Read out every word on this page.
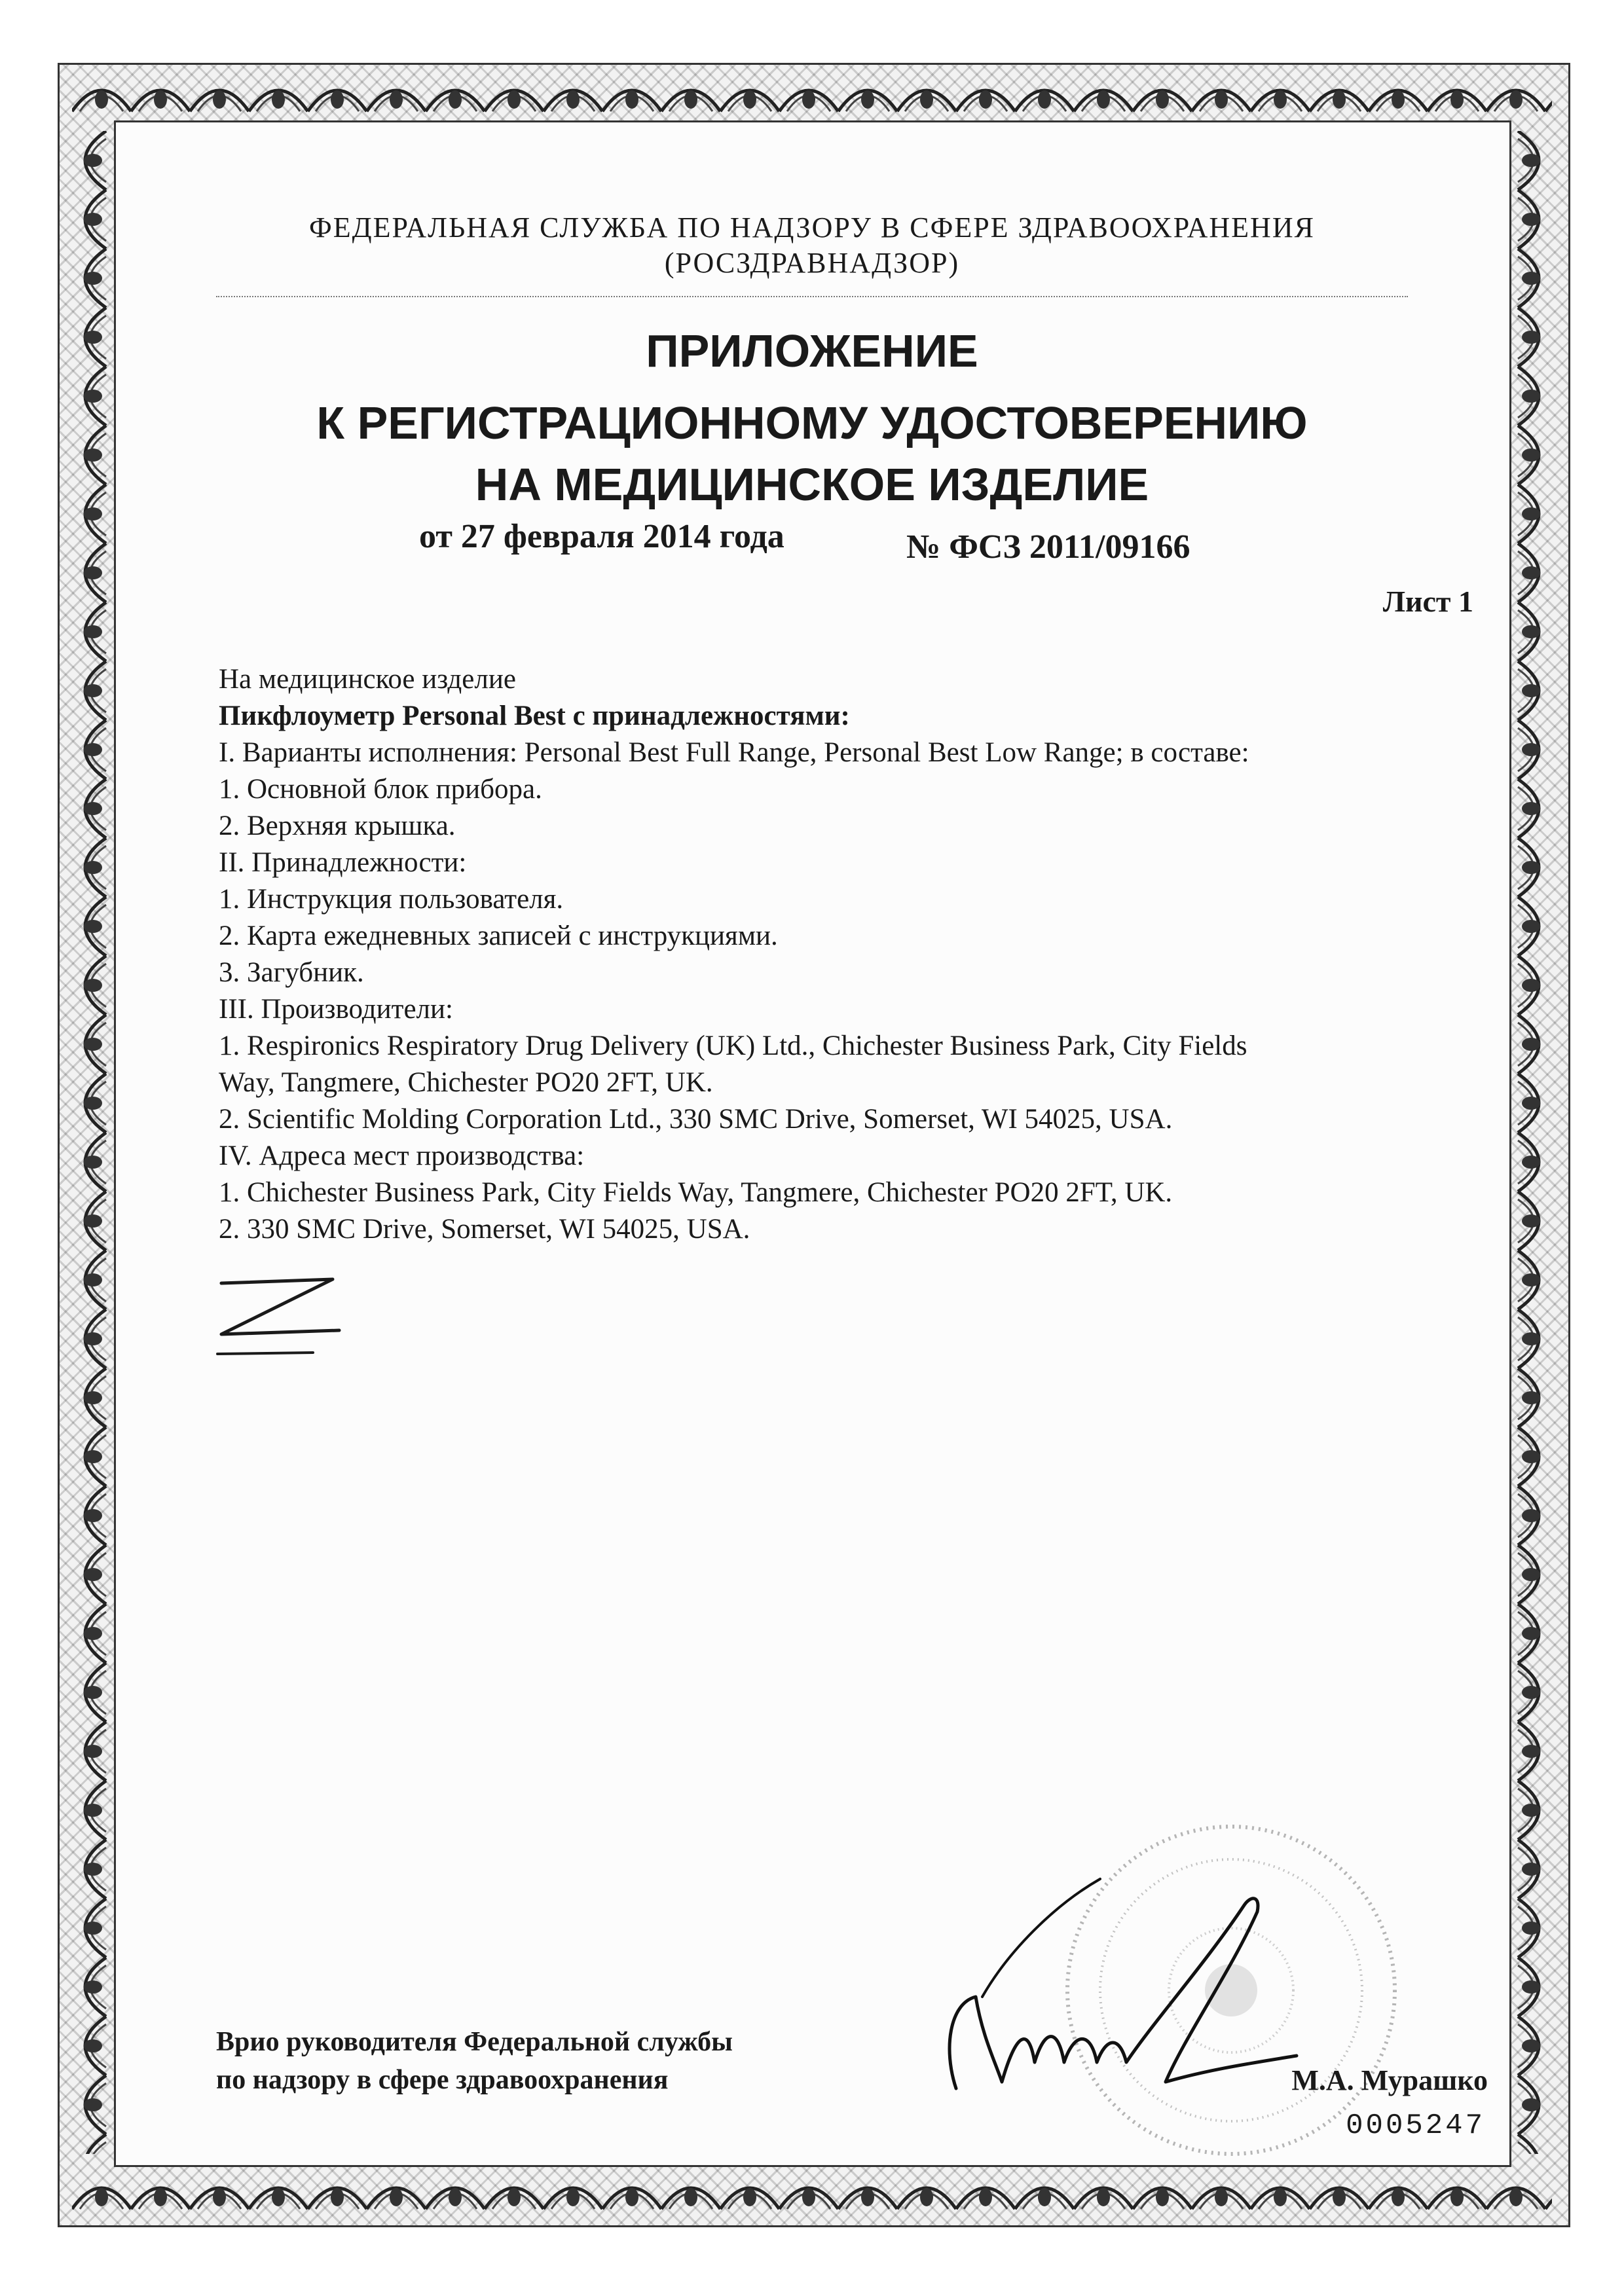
ФЕДЕРАЛЬНАЯ СЛУЖБА ПО НАДЗОРУ В СФЕРЕ ЗДРАВООХРАНЕНИЯ
(РОСЗДРАВНАДЗОР)
ПРИЛОЖЕНИЕ
К РЕГИСТРАЦИОННОМУ УДОСТОВЕРЕНИЮ
НА МЕДИЦИНСКОЕ ИЗДЕЛИЕ
от 27 февраля 2014 года	№ ФСЗ 2011/09166
Лист 1
На медицинское изделие
Пикфлоуметр Personal Best с принадлежностями:
I. Варианты исполнения: Personal Best Full Range, Personal Best Low Range; в составе:
1. Основной блок прибора.
2. Верхняя крышка.
II. Принадлежности:
1. Инструкция пользователя.
2. Карта ежедневных записей с инструкциями.
3. Загубник.
III. Производители:
1. Respironics Respiratory Drug Delivery (UK) Ltd., Chichester Business Park, City Fields
Way, Tangmere, Chichester PO20 2FT, UK.
2. Scientific Molding Corporation Ltd., 330 SMC Drive, Somerset, WI 54025, USA.
IV. Адреса мест производства:
1. Chichester Business Park, City Fields Way, Tangmere, Chichester PO20 2FT, UK.
2. 330 SMC Drive, Somerset, WI 54025, USA.
Врио руководителя Федеральной службы
по надзору в сфере здравоохранения	М.А. Мурашко
0005247
